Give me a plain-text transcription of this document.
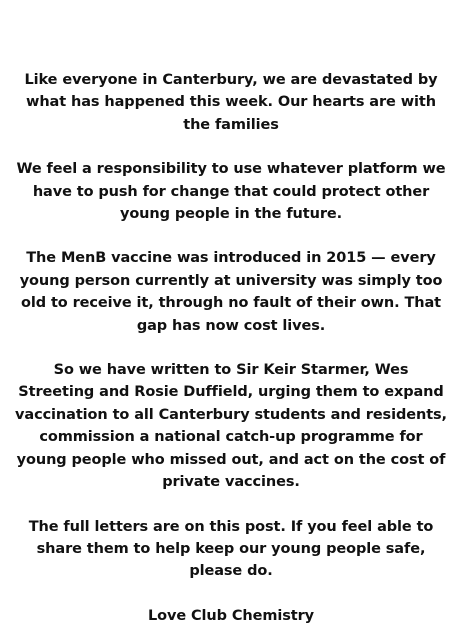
Like everyone in Canterbury, we are devastated by what has happened this week. Our hearts are with the families

We feel a responsibility to use whatever platform we have to push for change that could protect other young people in the future.

The MenB vaccine was introduced in 2015 — every young person currently at university was simply too old to receive it, through no fault of their own. That gap has now cost lives.

So we have written to Sir Keir Starmer, Wes Streeting and Rosie Duffield, urging them to expand vaccination to all Canterbury students and residents, commission a national catch-up programme for young people who missed out, and act on the cost of private vaccines.

The full letters are on this post. If you feel able to share them to help keep our young people safe, please do.

Love Club Chemistry
